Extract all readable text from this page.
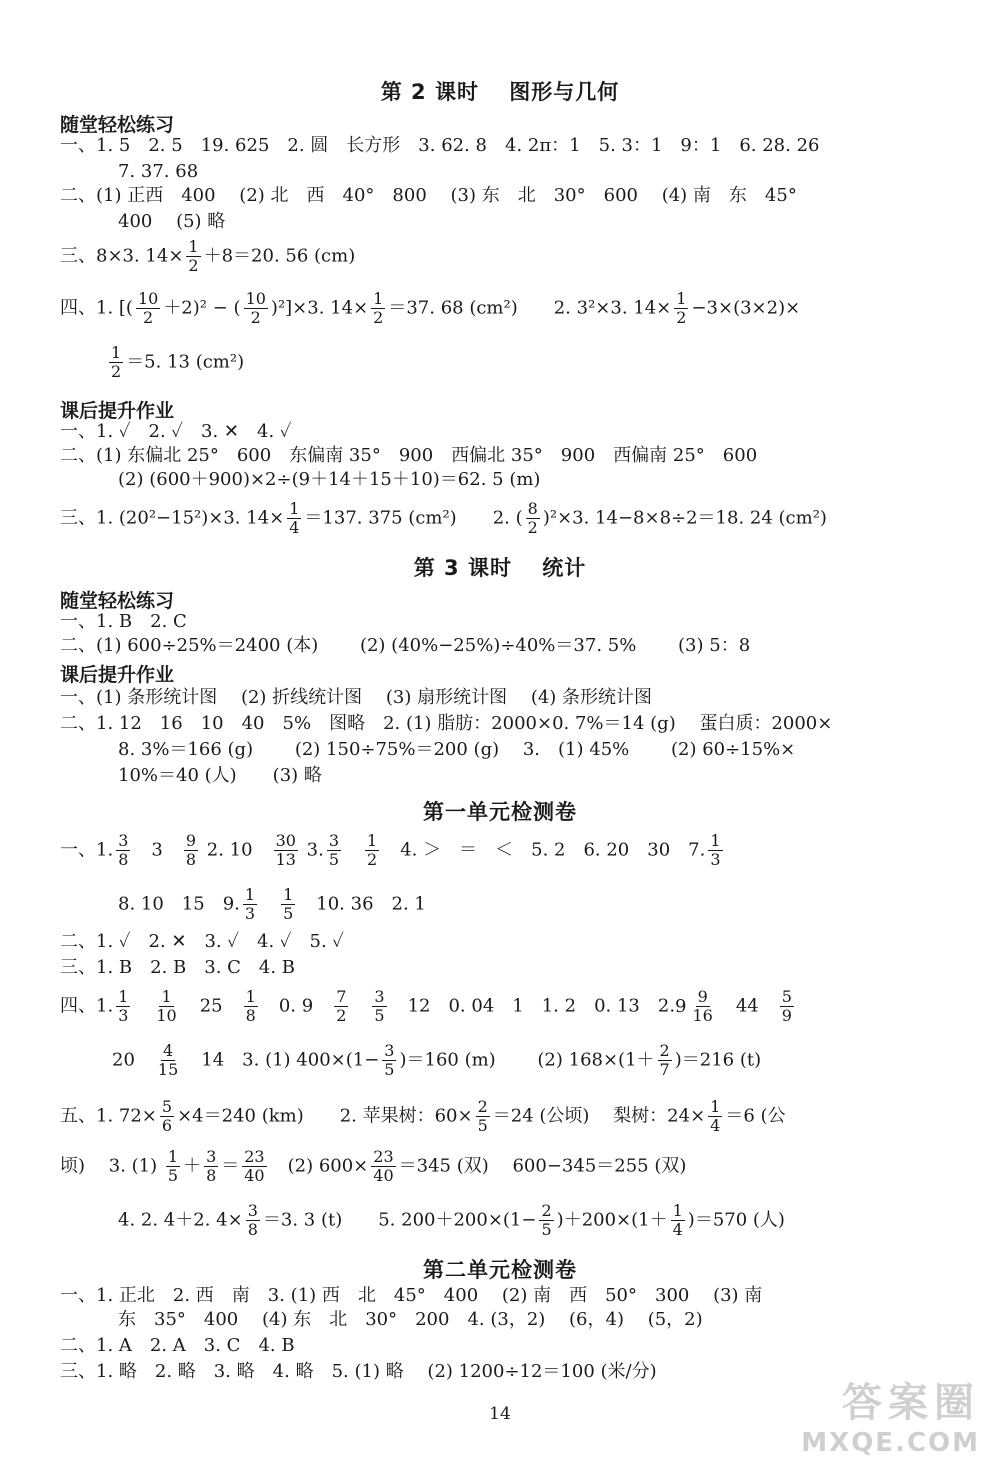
第 2 课时　 图形与几何
随堂轻松练习
一、1. 5　2. 5　19. 625　2. 圆　长方形　3. 62. 8　4. 2π：1　5. 3：1　9：1　6. 28. 26
7. 37. 68
二、(1) 正西　400　 (2) 北　西　40°　800　 (3) 东　北　30°　600　 (4) 南　东　45°
400　 (5) 略
三、8×3. $14\times \frac{1}{2} +8=20$. 56 (cm)
四、1. [( $\frac{10}{2} +2)^2$ − ( $\frac{10}{2} )^2]\times 3$. $14\times \frac{1}{2} =37$. 68 (cm²)　　2. 3²×3. $14\times \frac{1}{2} -3\times(3\times 2)\times$
$\frac{1}{2} =5$. 13 (cm²)
课后提升作业
一、1. ✓　2. ✓　3. ✕　4. ✓
二、(1) 东偏北 25°　600　东偏南 35°　900　西偏北 35°　900　西偏南 25°　600
(2) (600＋900)×2÷(9＋14＋15＋10)＝62. 5 (m)
三、1. (20²−15²)×3. $14\times \frac{1}{4} =137$. 375 (cm²)　　2. ( $\frac{8}{2} )^2\times 3$. 14−8×8÷2＝18. 24 (cm²)
第 3 课时　 统计
随堂轻松练习
一、1. B　2. C
二、(1) 600÷25%＝2400 (本)　　 (2) (40%−25%)÷40%＝37. 5%　　 (3) 5：8
课后提升作业
一、(1) 条形统计图　 (2) 折线统计图　 (3) 扇形统计图　 (4) 条形统计图
二、1. 12　16　10　40　5%　图略　2. (1) 脂肪：2000×0. 7%＝14 (g)　 蛋白质：2000×
8. 3%＝166 (g)　　 (2) 150÷75%＝200 (g)　 3.　(1) 45%　　 (2) 60÷15%×
10%＝40 (人)　　(3) 略
第一单元检测卷
一、1. $\frac{3}{8}$
　 3　 $\frac{9}{8} 2$. 10　 $\frac{30}{13} 3$. $\frac{3}{5}$
　 $\frac{1}{2}$
　 4. ＞　＝　＜　5. 2　6. 20　30　7. $\frac{1}{3}$
8. 10　15　9. $\frac{1}{3}$
　 $\frac{1}{5}$
　 10. 36　2. 1
二、1. ✓　2. ✕　3. ✓　4. ✓　5. ✓
三、1. B　2. B　3. C　4. B
四、1. $\frac{1}{3}$
　 $\frac{1}{10}$
　 25　 $\frac{1}{8}$
　 0. 9　 $\frac{7}{2}$
　 $\frac{3}{5}$
　 12　0. 04　1　1. 2　0. 13　2. $9 \frac{9}{16}$
　 44　 $\frac{5}{9}$
20　 $\frac{4}{15}$
　 14　3. (1) $400\times(1- \frac{3}{5} )=160$ (m)　　 (2) $168\times(1+ \frac{2}{7} )=216$ (t)
五、1. $72\times \frac{5}{6} \times 4=240$ (km)　　2. 苹果树：$60\times \frac{2}{5} =24$ (公顷)　 梨树：$24\times \frac{1}{4} =6$ (公
顷)　 3. $(1) \frac{1}{5} + \frac{3}{8} = \frac{23}{40}$
　 (2) $600\times \frac{23}{40} =345$ (双)　 600−345＝255 (双)
4. 2. 4＋2. $4\times \frac{3}{8} =3$. 3 (t)　　5. $200+200\times(1- \frac{2}{5} )+200\times(1+ \frac{1}{4} )=570$ (人)
第二单元检测卷
一、1. 正北　2. 西　南　3. (1) 西　北　45°　400　 (2) 南　西　50°　300　 (3) 南
东　35°　400　 (4) 东　北　30°　200　4. (3，2)　 (6，4)　 (5，2)
二、1. A　2. A　3. C　4. B
三、1. 略　2. 略　3. 略　4. 略　5. (1) 略　 (2) 1200÷12＝100 (米/分)
14	答案圈
MXQE.COM
